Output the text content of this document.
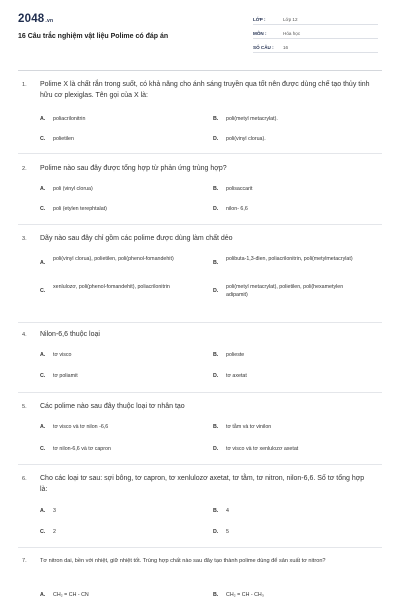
2048.vn
16 Câu trắc nghiệm vật liệu Polime có đáp án
LỚP :	Lớp 12
MÔN :	Hóa học
SỐ CÂU : 16
1. Polime X là chất rắn trong suốt, có khả năng cho ánh sáng truyền qua tốt nên được dùng chế tạo thủy tinh hữu cơ plexiglas. Tên gọi của X là:
A. poliacrilonitrin	B. poli(metyl metacrylat).
C. polietilen	D. poli(vinyl clorua).
2. Polime nào sau đây được tổng hợp từ phản ứng trùng hợp?
A. poli (vinyl clorua)	B. polisaccarit
C. poli (etylen terephtalat)	D. nilon- 6,6
3. Dãy nào sau đây chỉ gồm các polime được dùng làm chất dẻo
A.
poli(vinyl clorua), polietilen, poli(phenol-fomandehit)
B.
polibuta-1,3-đien, poliacrilonitrin, poli(metylmetacrylat)
C.
xenlulozơ, poli(phenol-fomandehit), poliacrilonitrin
D.
poli(metyl metacrylat), polietilen, poli(hexametylen adipamit)
4. Nilon-6,6 thuộc loại
A. tơ visco	B. polieste
C. tơ poliamit	D. tơ axetat
5. Các polime nào sau đây thuộc loại tơ nhân tạo
A. tơ visco và tơ nilon -6,6	B. tơ tằm và tơ vinilon
C. tơ nilon-6,6 và tơ capron	D. tơ visco và tơ xenlulozơ axetat
6. Cho các loại tơ sau: sợi bông, tơ capron, tơ xenlulozơ axetat, tơ tằm, tơ nitron, nilon-6,6. Số tơ tổng hợp là:
A. 3	B. 4
C. 2	D. 5
7. Tơ nitron dai, bền với nhiệt, giữ nhiệt tốt. Trùng hợp chất nào sau đây tạo thành polime dùng để sản xuất tơ nitron?
A. CH₂ = CH - CN	B. CH₂ = CH - CH₃
